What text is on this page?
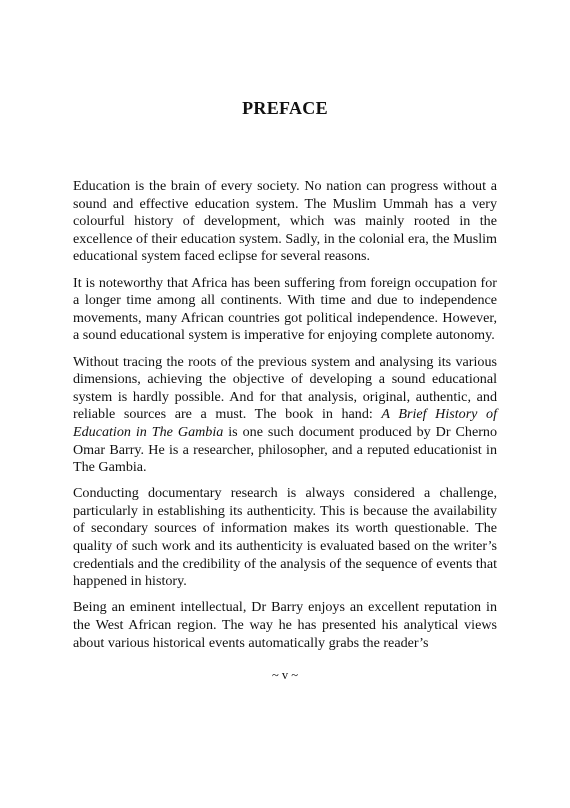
PREFACE

Education is the brain of every society. No nation can progress without a sound and effective education system. The Muslim Ummah has a very colourful history of development, which was mainly rooted in the excellence of their education system. Sadly, in the colonial era, the Muslim educational system faced eclipse for several reasons.

It is noteworthy that Africa has been suffering from foreign occupation for a longer time among all continents. With time and due to independence movements, many African countries got political independence. However, a sound educational system is imperative for enjoying complete autonomy.

Without tracing the roots of the previous system and analysing its various dimensions, achieving the objective of developing a sound educational system is hardly possible. And for that analysis, original, authentic, and reliable sources are a must. The book in hand: A Brief History of Education in The Gambia is one such document produced by Dr Cherno Omar Barry. He is a researcher, philosopher, and a reputed educationist in The Gambia.

Conducting documentary research is always considered a challenge, particularly in establishing its authenticity. This is because the availability of secondary sources of information makes its worth questionable. The quality of such work and its authenticity is evaluated based on the writer’s credentials and the credibility of the analysis of the sequence of events that happened in history.

Being an eminent intellectual, Dr Barry enjoys an excellent reputation in the West African region. The way he has presented his analytical views about various historical events automatically grabs the reader’s

~ v ~
